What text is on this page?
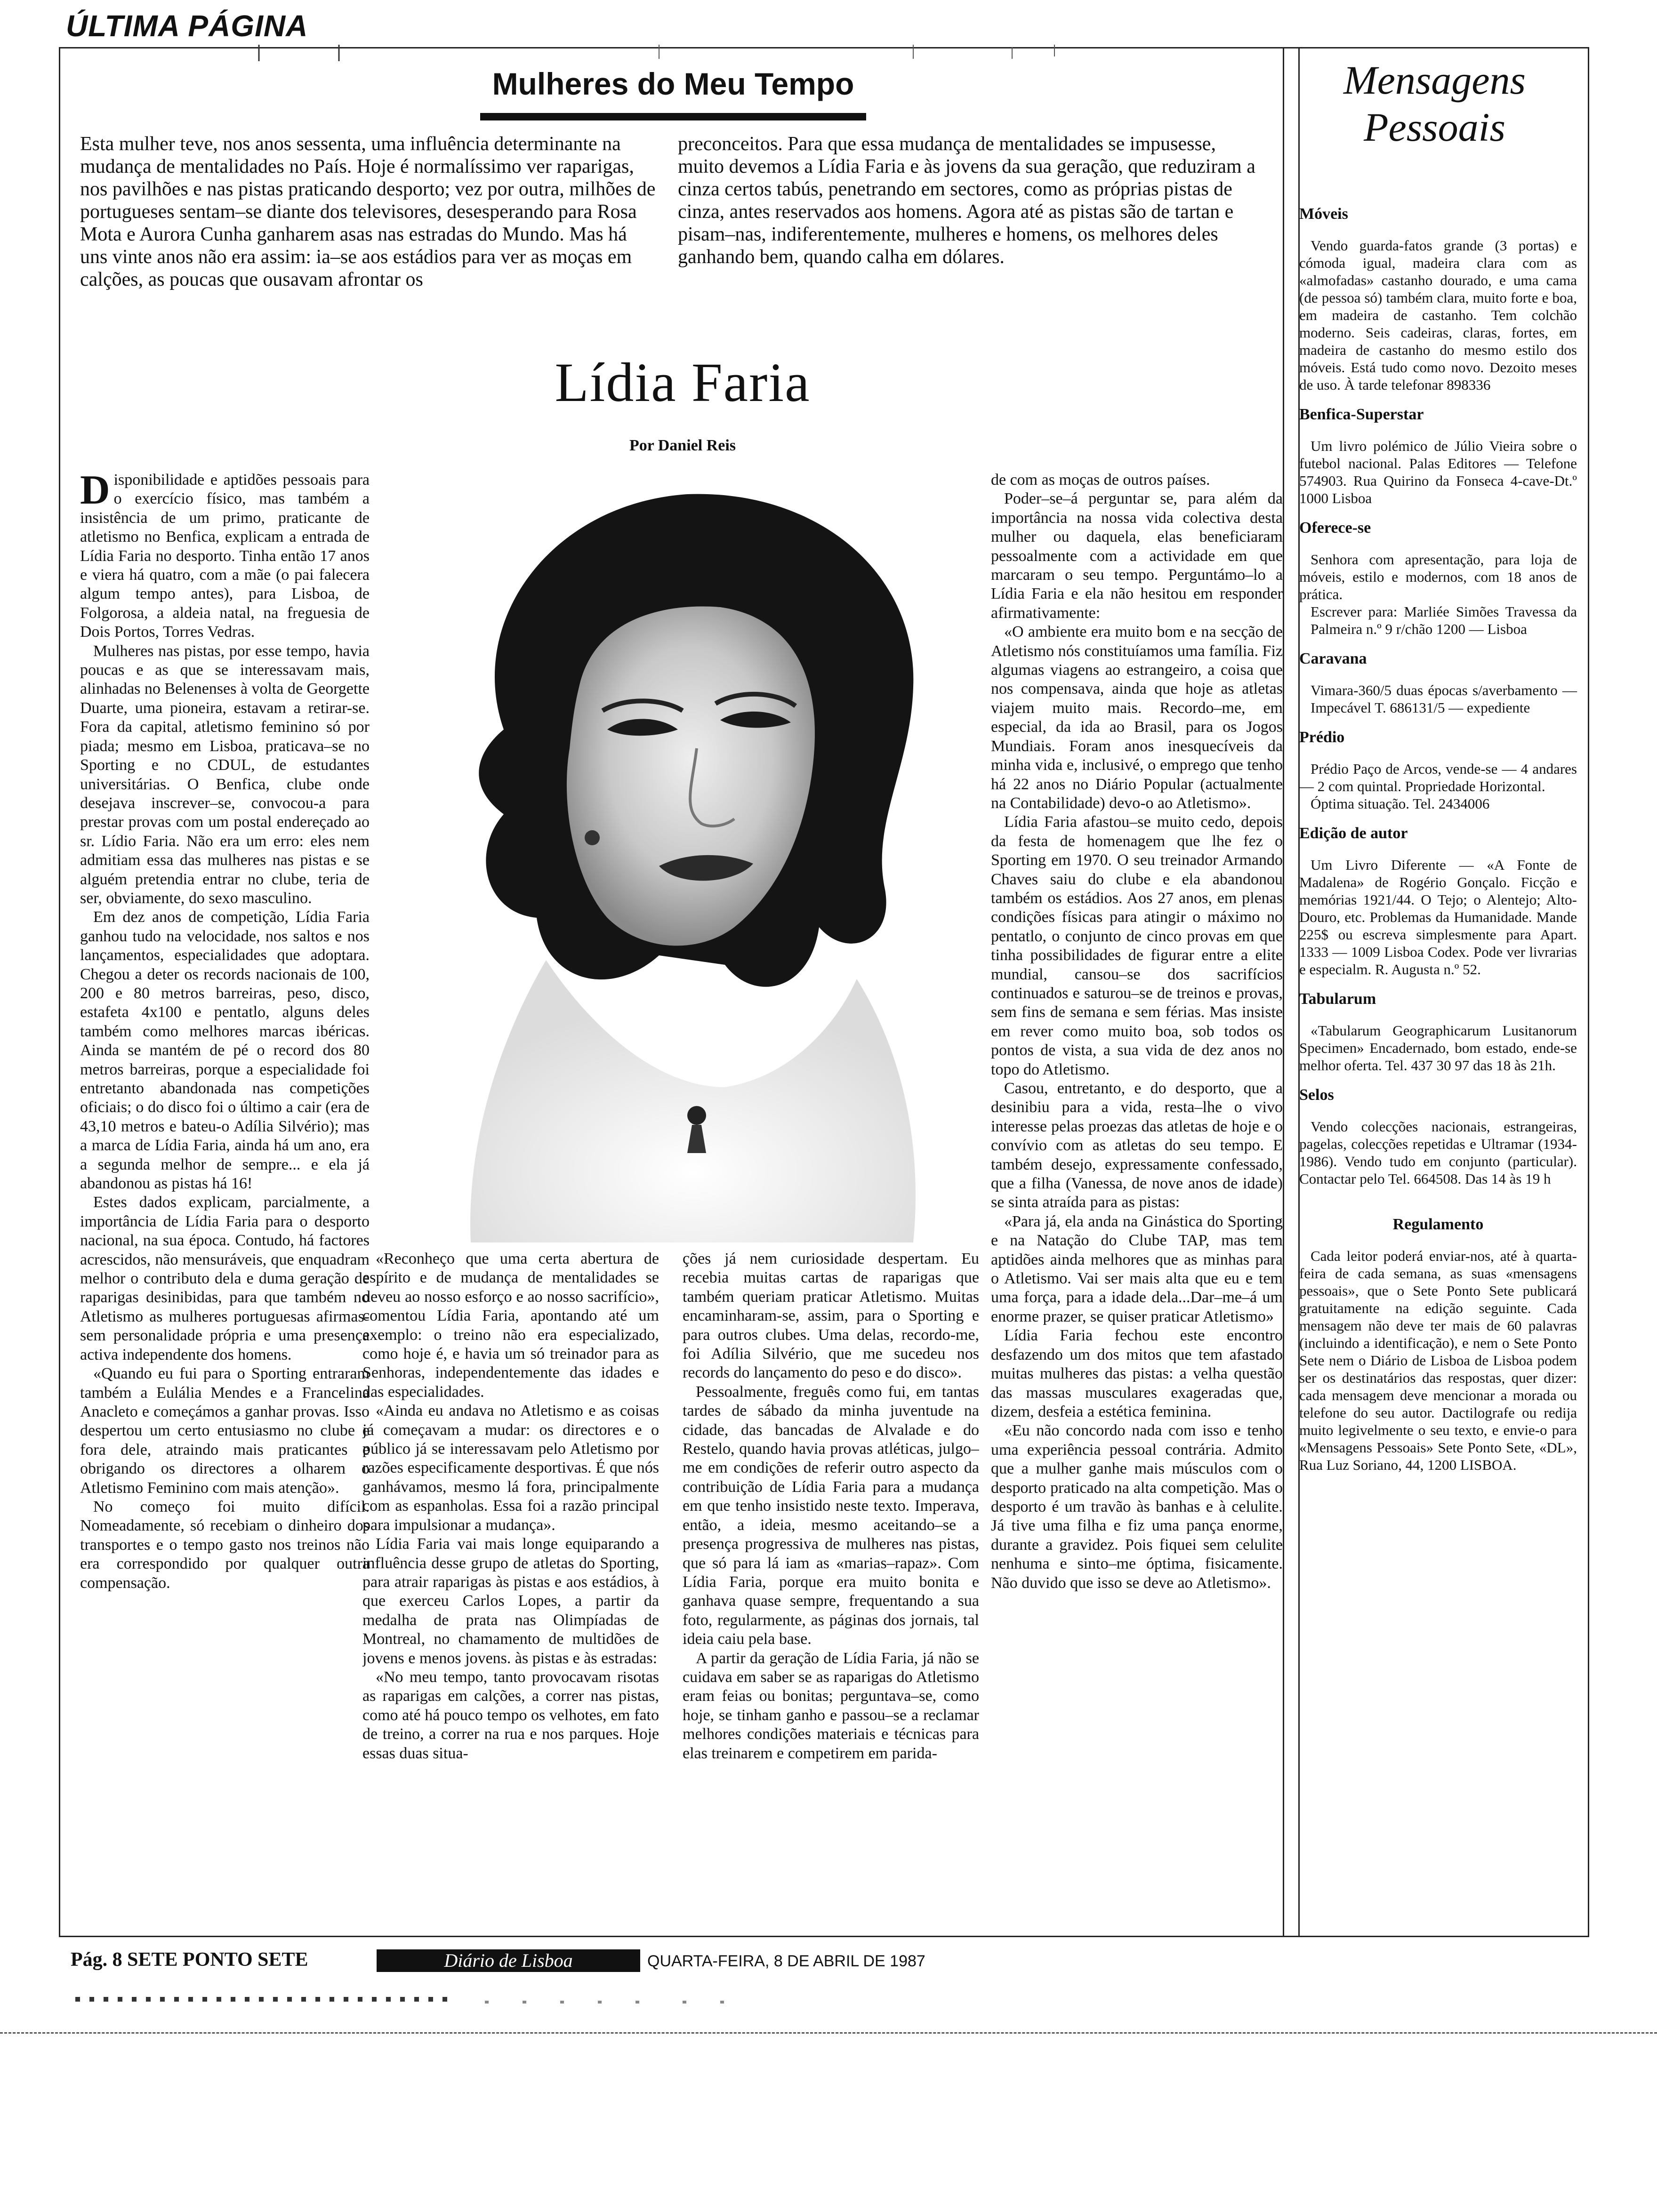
ÚLTIMA PÁGINA
Mulheres do Meu Tempo
Esta mulher teve, nos anos sessenta, uma influência determinante na mudança de mentalidades no País. Hoje é normalíssimo ver raparigas, nos pavilhões e nas pistas praticando desporto; vez por outra, milhões de portugueses sentam–se diante dos televisores, desesperando para Rosa Mota e Aurora Cunha ganharem asas nas estradas do Mundo. Mas há uns vinte anos não era assim: ia–se aos estádios para ver as moças em calções, as poucas que ousavam afrontar os
preconceitos. Para que essa mudança de mentalidades se impusesse, muito devemos a Lídia Faria e às jovens da sua geração, que reduziram a cinza certos tabús, penetrando em sectores, como as próprias pistas de cinza, antes reservados aos homens. Agora até as pistas são de tartan e pisam–nas, indiferentemente, mulheres e homens, os melhores deles ganhando bem, quando calha em dólares.
Lídia Faria
Por Daniel Reis

Disponibilidade e aptidões pessoais para o exercício físico, mas também a insistência de um primo, praticante de atletismo no Benfica, explicam a entrada de Lídia Faria no desporto. Tinha então 17 anos e viera há quatro, com a mãe (o pai falecera algum tempo antes), para Lisboa, de Folgorosa, a aldeia natal, na freguesia de Dois Portos, Torres Vedras.

Mulheres nas pistas, por esse tempo, havia poucas e as que se interessavam mais, alinhadas no Belenenses à volta de Georgette Duarte, uma pioneira, estavam a retirar-se. Fora da capital, atletismo feminino só por piada; mesmo em Lisboa, praticava–se no Sporting e no CDUL, de estudantes universitárias. O Benfica, clube onde desejava inscrever–se, convocou-a para prestar provas com um postal endereçado ao sr. Lídio Faria. Não era um erro: eles nem admitiam essa das mulheres nas pistas e se alguém pretendia entrar no clube, teria de ser, obviamente, do sexo masculino.

Em dez anos de competição, Lídia Faria ganhou tudo na velocidade, nos saltos e nos lançamentos, especialidades que adoptara. Chegou a deter os records nacionais de 100, 200 e 80 metros barreiras, peso, disco, estafeta 4x100 e pentatlo, alguns deles também como melhores marcas ibéricas. Ainda se mantém de pé o record dos 80 metros barreiras, porque a especialidade foi entretanto abandonada nas competições oficiais; o do disco foi o último a cair (era de 43,10 metros e bateu-o Adília Silvério); mas a marca de Lídia Faria, ainda há um ano, era a segunda melhor de sempre... e ela já abandonou as pistas há 16!

Estes dados explicam, parcialmente, a importância de Lídia Faria para o desporto nacional, na sua época. Contudo, há factores acrescidos, não mensuráveis, que enquadram melhor o contributo dela e duma geração de raparigas desinibidas, para que também no Atletismo as mulheres portuguesas afirmas-sem personalidade própria e uma presença activa independente dos homens.

«Quando eu fui para o Sporting entraram também a Eulália Mendes e a Francelina Anacleto e começámos a ganhar provas. Isso despertou um certo entusiasmo no clube e fora dele, atraindo mais praticantes e obrigando os directores a olharem o Atletismo Feminino com mais atenção».

No começo foi muito difícil. Nomeadamente, só recebiam o dinheiro dos transportes e o tempo gasto nos treinos não era correspondido por qualquer outra compensação.

«Reconheço que uma certa abertura de espírito e de mudança de mentalidades se deveu ao nosso esforço e ao nosso sacrifício», comentou Lídia Faria, apontando até um exemplo: o treino não era especializado, como hoje é, e havia um só treinador para as Senhoras, independentemente das idades e das especialidades.

«Ainda eu andava no Atletismo e as coisas já começavam a mudar: os directores e o público já se interessavam pelo Atletismo por razões especificamente desportivas. É que nós ganhávamos, mesmo lá fora, principalmente com as espanholas. Essa foi a razão principal para impulsionar a mudança».

Lídia Faria vai mais longe equiparando a influência desse grupo de atletas do Sporting, para atrair raparigas às pistas e aos estádios, à que exerceu Carlos Lopes, a partir da medalha de prata nas Olimpíadas de Montreal, no chamamento de multidões de jovens e menos jovens. às pistas e às estradas:

«No meu tempo, tanto provocavam risotas as raparigas em calções, a correr nas pistas, como até há pouco tempo os velhotes, em fato de treino, a correr na rua e nos parques. Hoje essas duas situa-

ções já nem curiosidade despertam. Eu recebia muitas cartas de raparigas que também queriam praticar Atletismo. Muitas encaminharam-se, assim, para o Sporting e para outros clubes. Uma delas, recordo-me, foi Adília Silvério, que me sucedeu nos records do lançamento do peso e do disco».

Pessoalmente, freguês como fui, em tantas tardes de sábado da minha juventude na cidade, das bancadas de Alvalade e do Restelo, quando havia provas atléticas, julgo–me em condições de referir outro aspecto da contribuição de Lídia Faria para a mudança em que tenho insistido neste texto. Imperava, então, a ideia, mesmo aceitando–se a presença progressiva de mulheres nas pistas, que só para lá iam as «marias–rapaz». Com Lídia Faria, porque era muito bonita e ganhava quase sempre, frequentando a sua foto, regularmente, as páginas dos jornais, tal ideia caiu pela base.

A partir da geração de Lídia Faria, já não se cuidava em saber se as raparigas do Atletismo eram feias ou bonitas; perguntava–se, como hoje, se tinham ganho e passou–se a reclamar melhores condições materiais e técnicas para elas treinarem e competirem em parida-

de com as moças de outros países.

Poder–se–á perguntar se, para além da importância na nossa vida colectiva desta mulher ou daquela, elas beneficiaram pessoalmente com a actividade em que marcaram o seu tempo. Perguntámo–lo a Lídia Faria e ela não hesitou em responder afirmativamente:

«O ambiente era muito bom e na secção de Atletismo nós constituíamos uma família. Fiz algumas viagens ao estrangeiro, a coisa que nos compensava, ainda que hoje as atletas viajem muito mais. Recordo–me, em especial, da ida ao Brasil, para os Jogos Mundiais. Foram anos inesquecíveis da minha vida e, inclusivé, o emprego que tenho há 22 anos no Diário Popular (actualmente na Contabilidade) devo-o ao Atletismo».

Lídia Faria afastou–se muito cedo, depois da festa de homenagem que lhe fez o Sporting em 1970. O seu treinador Armando Chaves saiu do clube e ela abandonou também os estádios. Aos 27 anos, em plenas condições físicas para atingir o máximo no pentatlo, o conjunto de cinco provas em que tinha possibilidades de figurar entre a elite mundial, cansou–se dos sacrifícios continuados e saturou–se de treinos e provas, sem fins de semana e sem férias. Mas insiste em rever como muito boa, sob todos os pontos de vista, a sua vida de dez anos no topo do Atletismo.

Casou, entretanto, e do desporto, que a desinibiu para a vida, resta–lhe o vivo interesse pelas proezas das atletas de hoje e o convívio com as atletas do seu tempo. E também desejo, expressamente confessado, que a filha (Vanessa, de nove anos de idade) se sinta atraída para as pistas:

«Para já, ela anda na Ginástica do Sporting e na Natação do Clube TAP, mas tem aptidões ainda melhores que as minhas para o Atletismo. Vai ser mais alta que eu e tem uma força, para a idade dela...Dar–me–á um enorme prazer, se quiser praticar Atletismo»

Lídia Faria fechou este encontro desfazendo um dos mitos que tem afastado muitas mulheres das pistas: a velha questão das massas musculares exageradas que, dizem, desfeia a estética feminina.

«Eu não concordo nada com isso e tenho uma experiência pessoal contrária. Admito que a mulher ganhe mais músculos com o desporto praticado na alta competição. Mas o desporto é um travão às banhas e à celulite. Já tive uma filha e fiz uma pança enorme, durante a gravidez. Pois fiquei sem celulite nenhuma e sinto–me óptima, fisicamente. Não duvido que isso se deve ao Atletismo».

Mensagens
Pessoais
Móveis

Vendo guarda-fatos grande (3 portas) e cómoda igual, madeira clara com as «almofadas» castanho dourado, e uma cama (de pessoa só) também clara, muito forte e boa, em madeira de castanho. Tem colchão moderno. Seis cadeiras, claras, fortes, em madeira de castanho do mesmo estilo dos móveis. Está tudo como novo. Dezoito meses de uso. À tarde telefonar 898336

Benfica-Superstar

Um livro polémico de Júlio Vieira sobre o futebol nacional. Palas Editores — Telefone 574903. Rua Quirino da Fonseca 4-cave-Dt.º 1000 Lisboa

Oferece-se

Senhora com apresentação, para loja de móveis, estilo e modernos, com 18 anos de prática.

Escrever para: Marliée Simões Travessa da Palmeira n.º 9 r/chão 1200 — Lisboa

Caravana

Vimara-360/5 duas épocas s/averbamento — Impecável T. 686131/5 — expediente

Prédio

Prédio Paço de Arcos, vende-se — 4 andares — 2 com quintal. Propriedade Horizontal.

Óptima situação. Tel. 2434006

Edição de autor

Um Livro Diferente — «A Fonte de Madalena» de Rogério Gonçalo. Ficção e memórias 1921/44. O Tejo; o Alentejo; Alto-Douro, etc. Problemas da Humanidade. Mande 225$ ou escreva simplesmente para Apart. 1333 — 1009 Lisboa Codex. Pode ver livrarias e especialm. R. Augusta n.º 52.

Tabularum

«Tabularum Geographicarum Lusitanorum Specimen» Encadernado, bom estado, ende-se melhor oferta. Tel. 437 30 97 das 18 às 21h.

Selos

Vendo colecções nacionais, estrangeiras, pagelas, colecções repetidas e Ultramar (1934-1986). Vendo tudo em conjunto (particular). Contactar pelo Tel. 664508. Das 14 às 19 h

Regulamento

Cada leitor poderá enviar-nos, até à quarta-feira de cada semana, as suas «mensagens pessoais», que o Sete Ponto Sete publicará gratuitamente na edição seguinte. Cada mensagem não deve ter mais de 60 palavras (incluindo a identificação), e nem o Sete Ponto Sete nem o Diário de Lisboa de Lisboa podem ser os destinatários das respostas, quer dizer: cada mensagem deve mencionar a morada ou telefone do seu autor. Dactilografe ou redija muito legivelmente o seu texto, e envie-o para «Mensagens Pessoais» Sete Ponto Sete, «DL», Rua Luz Soriano, 44, 1200 LISBOA.

Pág. 8 SETE PONTO SETE	Diário de Lisboa	QUARTA-FEIRA, 8 DE ABRIL DE 1987
